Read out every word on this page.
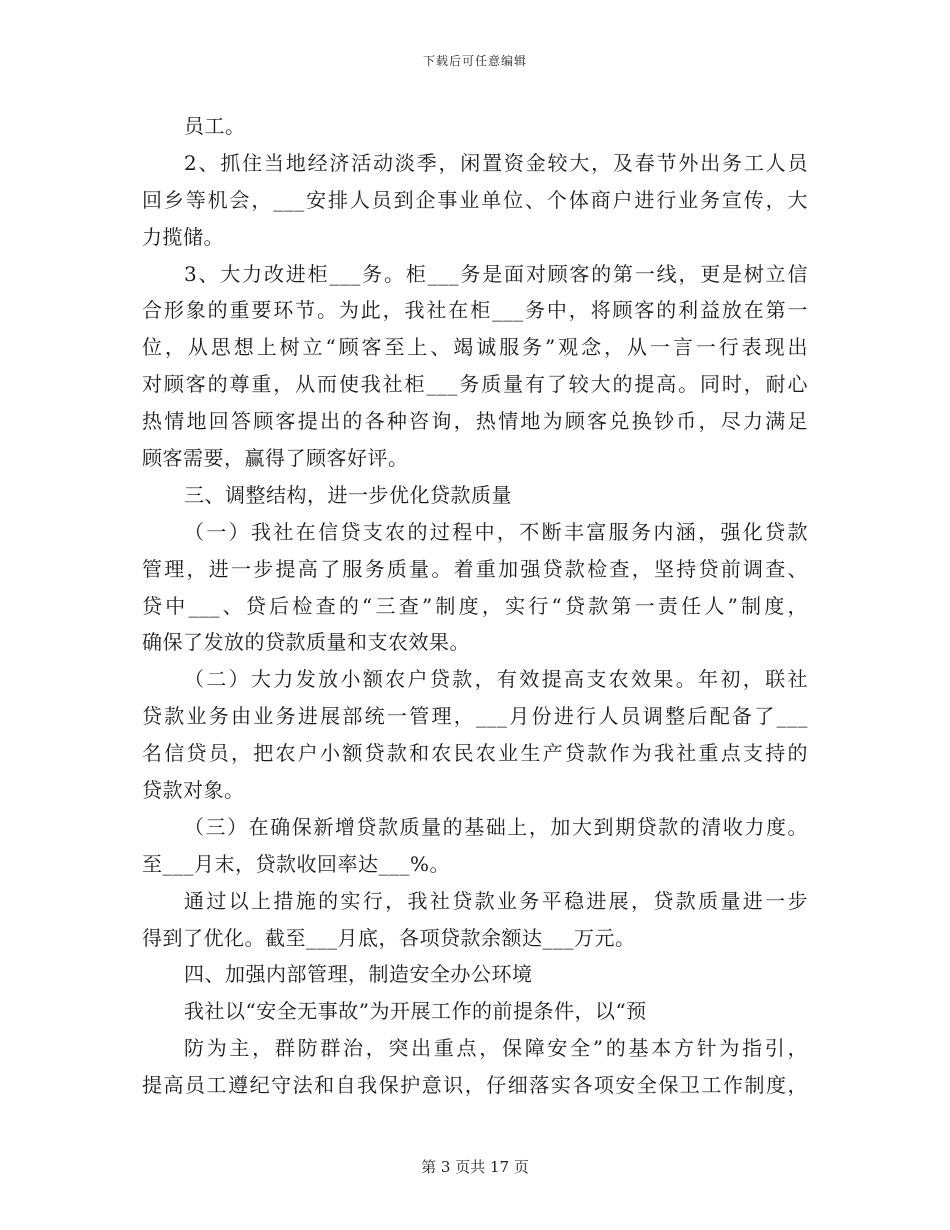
下载后可任意编辑
员工。
2、抓住当地经济活动淡季，闲置资金较大，及春节外出务工人员
回乡等机会，___安排人员到企事业单位、个体商户进行业务宣传，大
力揽储。
3、大力改进柜___务。柜___务是面对顾客的第一线，更是树立信
合形象的重要环节。为此，我社在柜___务中，将顾客的利益放在第一
位，从思想上树立“顾客至上、竭诚服务”观念，从一言一行表现出
对顾客的尊重，从而使我社柜___务质量有了较大的提高。同时，耐心
热情地回答顾客提出的各种咨询，热情地为顾客兑换钞币，尽力满足
顾客需要，赢得了顾客好评。
三、调整结构，进一步优化贷款质量
（一）我社在信贷支农的过程中，不断丰富服务内涵，强化贷款
管理，进一步提高了服务质量。着重加强贷款检查，坚持贷前调查、
贷中___、贷后检查的“三查”制度，实行“贷款第一责任人”制度，
确保了发放的贷款质量和支农效果。
（二）大力发放小额农户贷款，有效提高支农效果。年初，联社
贷款业务由业务进展部统一管理，___月份进行人员调整后配备了___
名信贷员，把农户小额贷款和农民农业生产贷款作为我社重点支持的
贷款对象。
（三）在确保新增贷款质量的基础上，加大到期贷款的清收力度。
至___月末，贷款收回率达___%。
通过以上措施的实行，我社贷款业务平稳进展，贷款质量进一步
得到了优化。截至___月底，各项贷款余额达___万元。
四、加强内部管理，制造安全办公环境
我社以“安全无事故”为开展工作的前提条件，以“预
防为主，群防群治，突出重点，保障安全”的基本方针为指引，
提高员工遵纪守法和自我保护意识，仔细落实各项安全保卫工作制度，
第 3 页共 17 页
